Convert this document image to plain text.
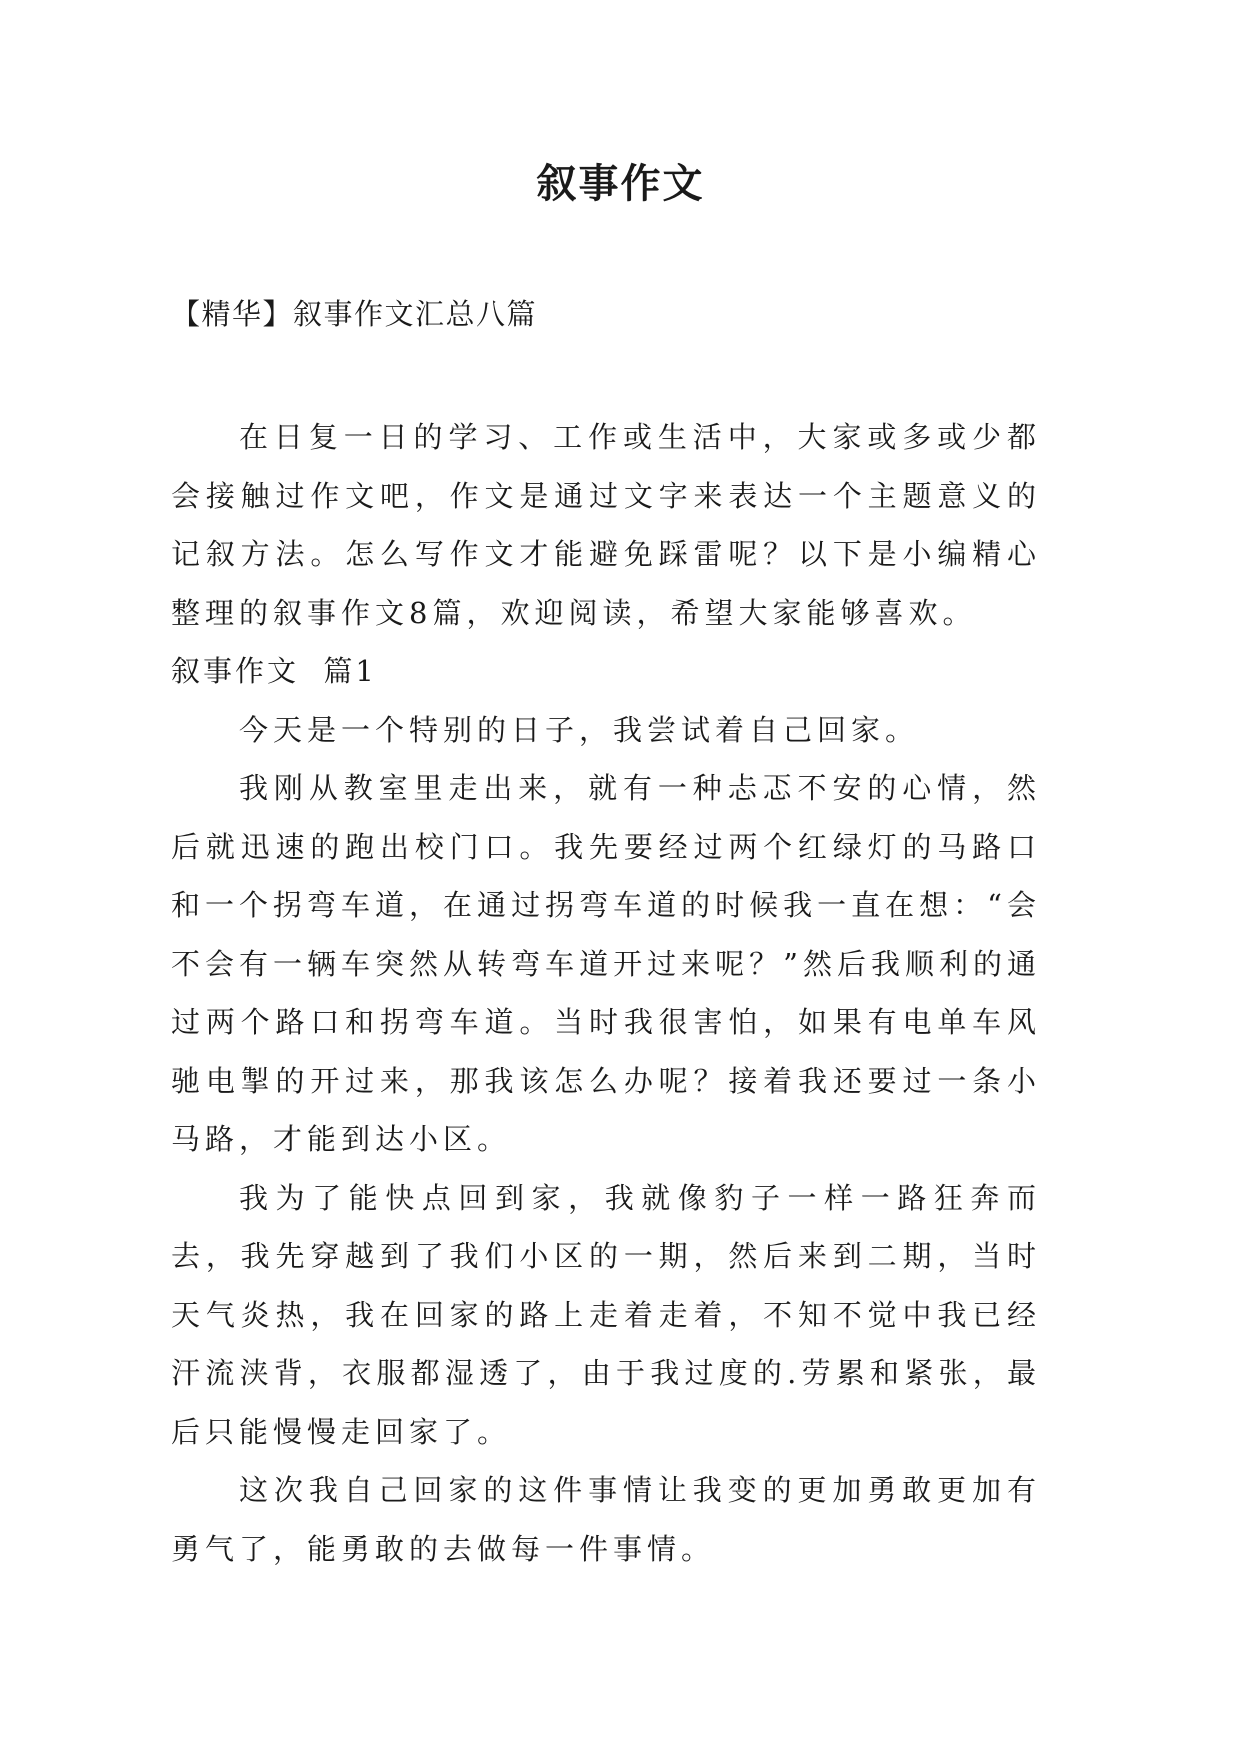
叙事作文

【精华】叙事作文汇总八篇

在日复一日的学习、工作或生活中，大家或多或少都会接触过作文吧，作文是通过文字来表达一个主题意义的记叙方法。怎么写作文才能避免踩雷呢？以下是小编精心整理的叙事作文8篇，欢迎阅读，希望大家能够喜欢。

叙事作文  篇1

今天是一个特别的日子，我尝试着自己回家。

我刚从教室里走出来，就有一种忐忑不安的心情，然后就迅速的跑出校门口。我先要经过两个红绿灯的马路口和一个拐弯车道，在通过拐弯车道的时候我一直在想：“会不会有一辆车突然从转弯车道开过来呢？”然后我顺利的通过两个路口和拐弯车道。当时我很害怕，如果有电单车风驰电掣的开过来，那我该怎么办呢？接着我还要过一条小马路，才能到达小区。

我为了能快点回到家，我就像豹子一样一路狂奔而去，我先穿越到了我们小区的一期，然后来到二期，当时天气炎热，我在回家的路上走着走着，不知不觉中我已经汗流浃背，衣服都湿透了，由于我过度的.劳累和紧张，最后只能慢慢走回家了。

这次我自己回家的这件事情让我变的更加勇敢更加有勇气了，能勇敢的去做每一件事情。
